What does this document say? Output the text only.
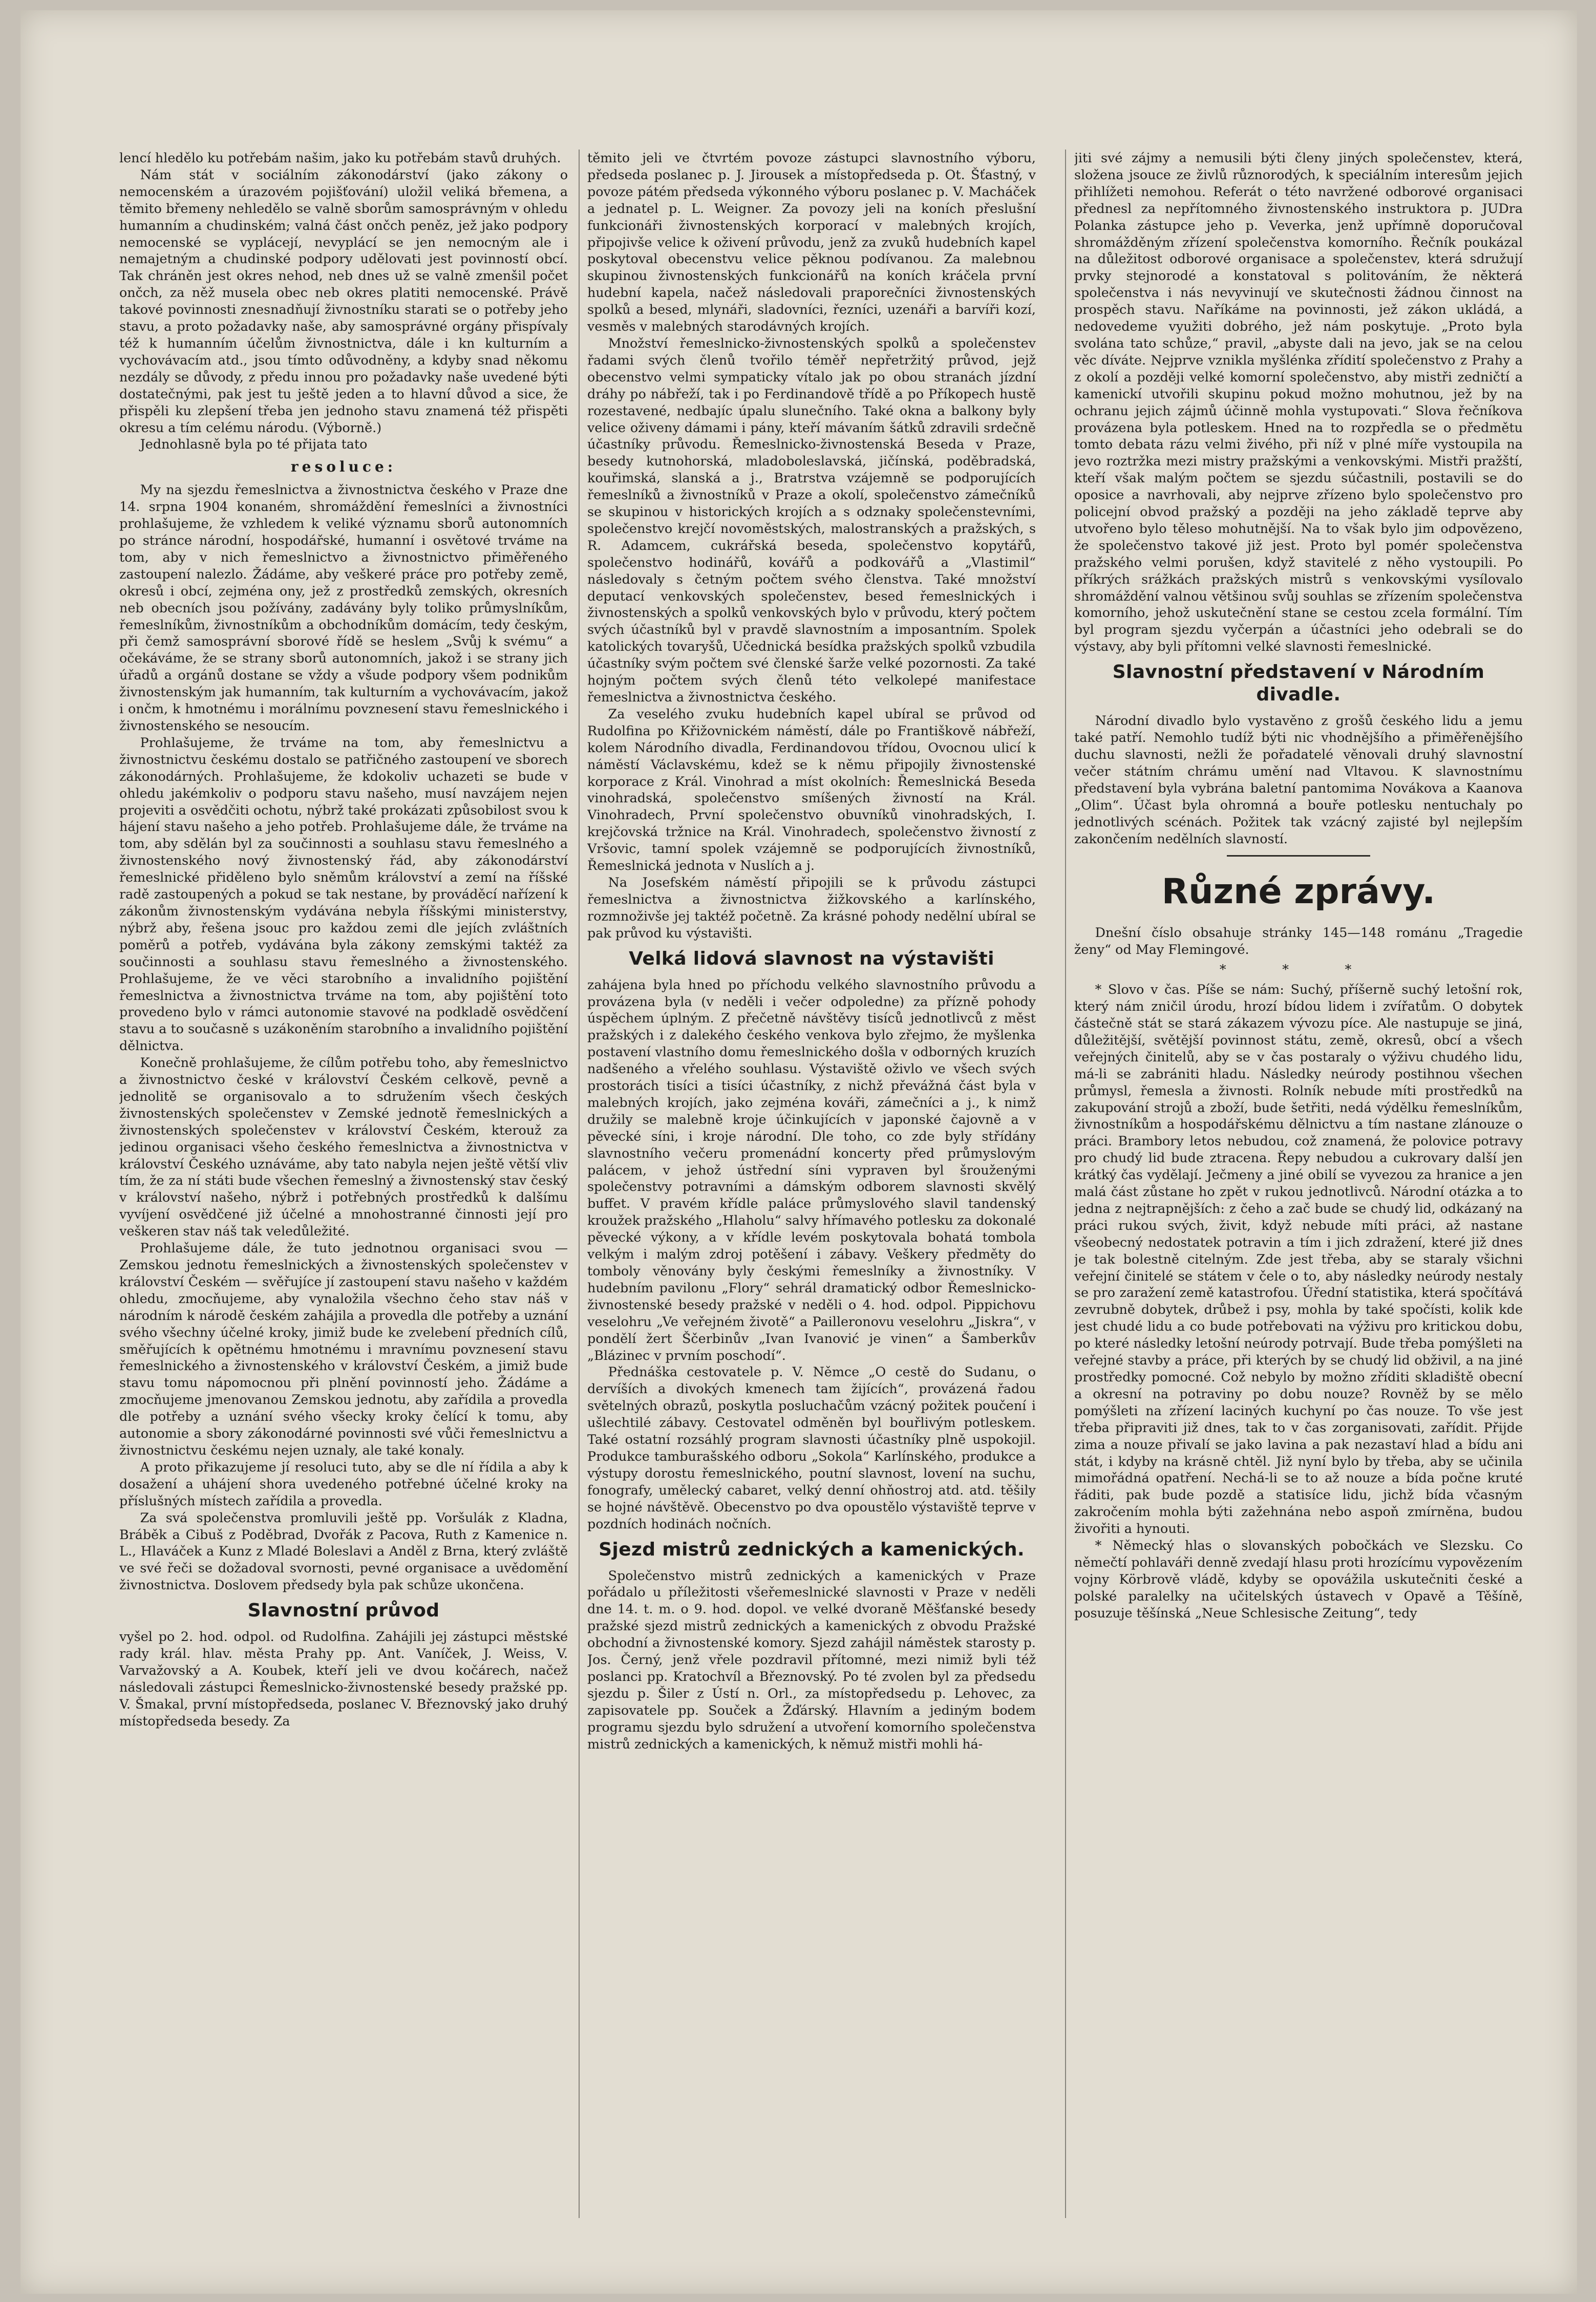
lencí hledělo ku potřebám našim, jako ku potřebám stavů druhých.

Nám stát v sociálním zákonodárství (jako zákony o nemocenském a úrazovém pojišťování) uložil veliká břemena, a těmito břemeny nehledělo se valně sborům samosprávným v ohledu humanním a chudinském; valná část ončch peněz, jež jako podpory nemocenské se vyplácejí, nevyplácí se jen nemocným ale i nemajetným a chudinské podpory udělovati jest povinností obcí. Tak chráněn jest okres nehod, neb dnes už se valně zmenšil počet ončch, za něž musela obec neb okres platiti nemocenské. Právě takové povinnosti znesnadňují živnostníku starati se o potřeby jeho stavu, a proto požadavky naše, aby samosprávné orgány přispívaly též k humanním účelům živnostnictva, dále i kn kulturním a vychovávacím atd., jsou tímto odůvodněny, a kdyby snad někomu nezdály se důvody, z předu innou pro požadavky naše uvedené býti dostatečnými, pak jest tu ještě jeden a to hlavní důvod a sice, že přispěli ku zlepšení třeba jen jednoho stavu znamená též přispěti okresu a tím celému národu. (Výborně.)

Jednohlasně byla po té přijata tato

resoluce:

My na sjezdu řemeslnictva a živnostnictva českého v Praze dne 14. srpna 1904 konaném, shromáždění řemeslníci a živnostníci prohlašujeme, že vzhledem k veliké významu sborů autonomních po stránce národní, hospodářské, humanní i osvětové trváme na tom, aby v nich řemeslnictvo a živnostnictvo přiměřeného zastoupení nalezlo. Žádáme, aby veškeré práce pro potřeby země, okresů i obcí, zejména ony, jež z prostředků zemských, okresních neb obecních jsou požívány, zadávány byly toliko průmyslníkům, řemeslníkům, živnostníkům a obchodníkům domácím, tedy českým, při čemž samosprávní sborové řídě se heslem „Svůj k svému“ a očekáváme, že se strany sborů autonomních, jakož i se strany jich úřadů a orgánů dostane se vždy a všude podpory všem podnikům živnostenským jak humanním, tak kulturním a vychovávacím, jakož i ončm, k hmotnému i morálnímu povznesení stavu řemeslnického i živnostenského se nesoucím.

Prohlašujeme, že trváme na tom, aby řemeslnictvu a živnostnictvu českému dostalo se patřičného zastoupení ve sborech zákonodárných. Prohlašujeme, že kdokoliv uchazeti se bude v ohledu jakémkoliv o podporu stavu našeho, musí navzájem nejen projeviti a osvědčiti ochotu, nýbrž také prokázati způsobilost svou k hájení stavu našeho a jeho potřeb. Prohlašujeme dále, že trváme na tom, aby sdělán byl za součinnosti a souhlasu stavu řemeslného a živnostenského nový živnostenský řád, aby zákonodárství řemeslnické přiděleno bylo sněmům království a zemí na říšské radě zastoupených a pokud se tak nestane, by prováděcí nařízení k zákonům živnostenským vydávána nebyla říšskými ministerstvy, nýbrž aby, řešena jsouc pro každou zemi dle jejích zvláštních poměrů a potřeb, vydávána byla zákony zemskými taktéž za součinnosti a souhlasu stavu řemeslného a živnostenského. Prohlašujeme, že ve věci starobního a invalidního pojištění řemeslnictva a živnostnictva trváme na tom, aby pojištění toto provedeno bylo v rámci autonomie stavové na podkladě osvědčení stavu a to současně s uzákoněním starobního a invalidního pojištění dělnictva.

Konečně prohlašujeme, že cílům potřebu toho, aby řemeslnictvo a živnostnictvo české v království Českém celkově, pevně a jednolitě se organisovalo a to sdružením všech českých živnostenských společenstev v Zemské jednotě řemeslnických a živnostenských společenstev v království Českém, kterouž za jedinou organisaci všeho českého řemeslnictva a živnostnictva v království Českého uznáváme, aby tato nabyla nejen ještě větší vliv tím, že za ní státi bude všechen řemeslný a živnostenský stav český v království našeho, nýbrž i potřebných prostředků k dalšímu vyvíjení osvědčené již účelné a mnohostranné činnosti její pro veškeren stav náš tak veledůležité.

Prohlašujeme dále, že tuto jednotnou organisaci svou — Zemskou jednotu řemeslnických a živnostenských společenstev v království Českém — svěřujíce jí zastoupení stavu našeho v každém ohledu, zmocňujeme, aby vynaložila všechno čeho stav náš v národním k národě českém zahájila a provedla dle potřeby a uznání svého všechny účelné kroky, jimiž bude ke zvelebení předních cílů, směřujících k opětnému hmotnému i mravnímu povznesení stavu řemeslnického a živnostenského v království Českém, a jimiž bude stavu tomu nápomocnou při plnění povinností jeho. Žádáme a zmocňujeme jmenovanou Zemskou jednotu, aby zařídila a provedla dle potřeby a uznání svého všecky kroky čelící k tomu, aby autonomie a sbory zákonodárné povinnosti své vůči řemeslnictvu a živnostnictvu českému nejen uznaly, ale také konaly.

A proto přikazujeme jí resoluci tuto, aby se dle ní řídila a aby k dosažení a uhájení shora uvedeného potřebné účelné kroky na příslušných místech zařídila a provedla.

Za svá společenstva promluvili ještě pp. Voršulák z Kladna, Bráběk a Cibuš z Poděbrad, Dvořák z Pacova, Ruth z Kamenice n. L., Hlaváček a Kunz z Mladé Boleslavi a Anděl z Brna, který zvláště ve své řeči se dožadoval svornosti, pevné organisace a uvědomění živnostnictva. Doslovem předsedy byla pak schůze ukončena.

Slavnostní průvod

vyšel po 2. hod. odpol. od Rudolfina. Zahájili jej zástupci městské rady král. hlav. města Prahy pp. Ant. Vaníček, J. Weiss, V. Varvažovský a A. Koubek, kteří jeli ve dvou kočárech, načež následovali zástupci Řemeslnicko-živnostenské besedy pražské pp. V. Šmakal, první místopředseda, poslanec V. Březnovský jako druhý místopředseda besedy. Za

těmito jeli ve čtvrtém povoze zástupci slavnostního výboru, předseda poslanec p. J. Jirousek a místopředseda p. Ot. Šťastný, v povoze pátém předseda výkonného výboru poslanec p. V. Macháček a jednatel p. L. Weigner. Za povozy jeli na koních přeslušní funkcionáři živnostenských korporací v malebných krojích, připojivše velice k oživení průvodu, jenž za zvuků hudebních kapel poskytoval obecenstvu velice pěknou podívanou. Za malebnou skupinou živnostenských funkcionářů na koních kráčela první hudební kapela, načež následovali praporečníci živnostenských spolků a besed, mlynáři, sladovníci, řezníci, uzenáři a barvíři kozí, vesměs v malebných starodávných krojích.

Množství řemeslnicko-živnostenských spolků a společenstev řadami svých členů tvořilo téměř nepřetržitý průvod, jejž obecenstvo velmi sympaticky vítalo jak po obou stranách jízdní dráhy po nábřeží, tak i po Ferdinandově třídě a po Příkopech hustě rozestavené, nedbajíc úpalu slunečního. Také okna a balkony byly velice oživeny dámami i pány, kteří mávaním šátků zdravili srdečně účastníky průvodu. Řemeslnicko-živnostenská Beseda v Praze, besedy kutnohorská, mladoboleslavská, jičínská, poděbradská, kouřimská, slanská a j., Bratrstva vzájemně se podporujících řemeslníků a živnostníků v Praze a okolí, společenstvo zámečníků se skupinou v historických krojích a s odznaky společenstevními, společenstvo krejčí novoměstských, malostranských a pražských, s R. Adamcem, cukrářská beseda, společenstvo kopytářů, společenstvo hodinářů, kovářů a podkovářů a „Vlastimil“ následovaly s četným počtem svého členstva. Také množství deputací venkovských společenstev, besed řemeslnických i živnostenských a spolků venkovských bylo v průvodu, který počtem svých účastníků byl v pravdě slavnostním a imposantním. Spolek katolických tovaryšů, Učednická besídka pražských spolků vzbudila účastníky svým počtem své členské šarže velké pozornosti. Za také hojným počtem svých členů této velkolepé manifestace řemeslnictva a živnostnictva českého.

Za veselého zvuku hudebních kapel ubíral se průvod od Rudolfina po Křižovnickém náměstí, dále po Františkově nábřeží, kolem Národního divadla, Ferdinandovou třídou, Ovocnou ulicí k náměstí Václavskému, kdež se k němu připojily živnostenské korporace z Král. Vinohrad a míst okolních: Řemeslnická Beseda vinohradská, společenstvo smíšených živností na Král. Vinohradech, První společenstvo obuvníků vinohradských, I. krejčovská tržnice na Král. Vinohradech, společenstvo živností z Vršovic, tamní spolek vzájemně se podporujících živnostníků, Řemeslnická jednota v Nuslích a j.

Na Josefském náměstí připojili se k průvodu zástupci řemeslnictva a živnostnictva žižkovského a karlínského, rozmnoživše jej taktéž početně. Za krásné pohody nedělní ubíral se pak průvod ku výstavišti.

Velká lidová slavnost na výstavišti

zahájena byla hned po příchodu velkého slavnostního průvodu a provázena byla (v neděli i večer odpoledne) za přízně pohody úspěchem úplným. Z přečetně návštěvy tisíců jednotlivců z měst pražských i z dalekého českého venkova bylo zřejmo, že myšlenka postavení vlastního domu řemeslnického došla v odborných kruzích nadšeného a vřelého souhlasu. Výstaviště oživlo ve všech svých prostorách tisíci a tisíci účastníky, z nichž převážná část byla v malebných krojích, jako zejména kováři, zámečníci a j., k nimž družily se malebně kroje účinkujících v japonské čajovně a v pěvecké síni, i kroje národní. Dle toho, co zde byly střídány slavnostního večeru promenádní koncerty před průmyslovým palácem, v jehož ústřední síni vypraven byl šrouženými společenstvy potravními a dámským odborem slavnosti skvělý buffet. V pravém křídle paláce průmyslového slavil tandenský kroužek pražského „Hlaholu“ salvy hřímavého potlesku za dokonalé pěvecké výkony, a v křídle levém poskytovala bohatá tombola velkým i malým zdroj potěšení i zábavy. Veškery předměty do tomboly věnovány byly českými řemeslníky a živnostníky. V hudebním pavilonu „Flory“ sehrál dramatický odbor Řemeslnicko-živnostenské besedy pražské v neděli o 4. hod. odpol. Pippichovu veselohru „Ve veřejném životě“ a Pailleronovu veselohru „Jiskra“, v pondělí žert Ščerbinův „Ivan Ivanović je vinen“ a Šamberkův „Blázinec v prvním poschodí“.

Přednáška cestovatele p. V. Němce „O cestě do Sudanu, o dervíších a divokých kmenech tam žijících“, provázená řadou světelných obrazů, poskytla posluchačům vzácný požitek poučení i ušlechtilé zábavy. Cestovatel odměněn byl bouřlivým potleskem. Také ostatní rozsáhlý program slavnosti účastníky plně uspokojil. Produkce tamburašského odboru „Sokola“ Karlínského, produkce a výstupy dorostu řemeslnického, poutní slavnost, lovení na suchu, fonografy, umělecký cabaret, velký denní ohňostroj atd. atd. těšily se hojné návštěvě. Obecenstvo po dva opoustělo výstaviště teprve v pozdních hodinách nočních.

Sjezd mistrů zednických a kamenických.

Společenstvo mistrů zednických a kamenických v Praze pořádalo u příležitosti všeřemeslnické slavnosti v Praze v neděli dne 14. t. m. o 9. hod. dopol. ve velké dvoraně Měšťanské besedy pražské sjezd mistrů zednických a kamenických z obvodu Pražské obchodní a živnostenské komory. Sjezd zahájil náměstek starosty p. Jos. Černý, jenž vřele pozdravil přítomné, mezi nimiž byli též poslanci pp. Kratochvíl a Březnovský. Po té zvolen byl za předsedu sjezdu p. Šiler z Ústí n. Orl., za místopředsedu p. Lehovec, za zapisovatele pp. Souček a Žďárský. Hlavním a jediným bodem programu sjezdu bylo sdružení a utvoření komorního společenstva mistrů zednických a kamenických, k němuž mistři mohli há-

jiti své zájmy a nemusili býti členy jiných společenstev, která, složena jsouce ze živlů různorodých, k speciálním interesům jejich přihlížeti nemohou. Referát o této navržené odborové organisaci přednesl za nepřítomného živnostenského instruktora p. JUDra Polanka zástupce jeho p. Veverka, jenž upřímně doporučoval shromážděným zřízení společenstva komorního. Řečník poukázal na důležitost odborové organisace a společenstev, která sdružují prvky stejnorodé a konstatoval s politováním, že některá společenstva i nás nevyvinují ve skutečnosti žádnou činnost na prospěch stavu. Naříkáme na povinnosti, jež zákon ukládá, a nedovedeme využiti dobrého, jež nám poskytuje. „Proto byla svolána tato schůze,“ pravil, „abyste dali na jevo, jak se na celou věc díváte. Nejprve vznikla myšlénka zřídití společenstvo z Prahy a z okolí a později velké komorní společenstvo, aby mistři zedničtí a kamenickí utvořili skupinu pokud možno mohutnou, jež by na ochranu jejich zájmů účinně mohla vystupovati.“ Slova řečníkova provázena byla potleskem. Hned na to rozpředla se o předmětu tomto debata rázu velmi živého, při níž v plné míře vystoupila na jevo roztržka mezi mistry pražskými a venkovskými. Mistři pražští, kteří však malým počtem se sjezdu súčastnili, postavili se do oposice a navrhovali, aby nejprve zřízeno bylo společenstvo pro policejní obvod pražský a později na jeho základě teprve aby utvořeno bylo těleso mohutnější. Na to však bylo jim odpovězeno, že společenstvo takové již jest. Proto byl pomér společenstva pražského velmi porušen, když stavitelé z něho vystoupili. Po příkrých srážkách pražských mistrů s venkovskými vysílovalo shromáždění valnou většinou svůj souhlas se zřízením společenstva komorního, jehož uskutečnění stane se cestou zcela formální. Tím byl program sjezdu vyčerpán a účastníci jeho odebrali se do výstavy, aby byli přítomni velké slavnosti řemeslnické.

Slavnostní představení v Národním divadle.

Národní divadlo bylo vystavěno z grošů českého lidu a jemu také patří. Nemohlo tudíž býti nic vhodnějšího a přiměřenějšího duchu slavnosti, nežli že pořadatelé věnovali druhý slavnostní večer státním chrámu umění nad Vltavou. K slavnostnímu představení byla vybrána baletní pantomima Novákova a Kaanova „Olim“. Účast byla ohromná a bouře potlesku nentuchaly po jednotlivých scénách. Požitek tak vzácný zajisté byl nejlepším zakončením nedělních slavností.

Různé zprávy.

Dnešní číslo obsahuje stránky 145—148 románu „Tragedie ženy“ od May Flemingové.

* * *

* Slovo v čas. Píše se nám: Suchý, příšerně suchý letošní rok, který nám zničil úrodu, hrozí bídou lidem i zvířatům. O dobytek částečně stát se stará zákazem vývozu píce. Ale nastupuje se jiná, důležitější, světější povinnost státu, země, okresů, obcí a všech veřejných činitelů, aby se v čas postaraly o výživu chudého lidu, má-li se zabrániti hladu. Následky neúrody postihnou všechen průmysl, řemesla a živnosti. Rolník nebude míti prostředků na zakupování strojů a zboží, bude šetřiti, nedá výdělku řemeslníkům, živnostníkům a hospodářskému dělnictvu a tím nastane zlánouze o práci. Brambory letos nebudou, což znamená, že polovice potravy pro chudý lid bude ztracena. Řepy nebudou a cukrovary další jen krátký čas vydělají. Ječmeny a jiné obilí se vyvezou za hranice a jen malá část zůstane ho zpět v rukou jednotlivců. Národní otázka a to jedna z nejtrapnějších: z čeho a zač bude se chudý lid, odkázaný na práci rukou svých, živit, když nebude míti práci, až nastane všeobecný nedostatek potravin a tím i jich zdražení, které již dnes je tak bolestně citelným. Zde jest třeba, aby se staraly všichni veřejní činitelé se státem v čele o to, aby následky neúrody nestaly se pro zaražení země katastrofou. Úřední statistika, která spočítává zevrubně dobytek, drůbež i psy, mohla by také spočísti, kolik kde jest chudé lidu a co bude potřebovati na výživu pro kritickou dobu, po které následky letošní neúrody potrvají. Bude třeba pomýšleti na veřejné stavby a práce, při kterých by se chudý lid obživil, a na jiné prostředky pomocné. Což nebylo by možno zříditi skladiště obecní a okresní na potraviny po dobu nouze? Rovněž by se mělo pomýšleti na zřízení laciných kuchyní po čas nouze. To vše jest třeba připraviti již dnes, tak to v čas zorganisovati, zařídit. Přijde zima a nouze přivalí se jako lavina a pak nezastaví hlad a bídu ani stát, i kdyby na krásně chtěl. Již nyní bylo by třeba, aby se učinila mimořádná opatření. Nechá-li se to až nouze a bída počne kruté řáditi, pak bude pozdě a statisíce lidu, jichž bída včasným zakročením mohla býti zažehnána nebo aspoň zmírněna, budou živořiti a hynouti.

* Německý hlas o slovanských pobočkách ve Slezsku. Co němečtí pohlaváři denně zvedají hlasu proti hrozícímu vypovězením vojny Körbrově vládě, kdyby se opovážila uskutečniti české a polské paralelky na učitelských ústavech v Opavě a Těšíně, posuzuje těšínská „Neue Schlesische Zeitung“, tedy
